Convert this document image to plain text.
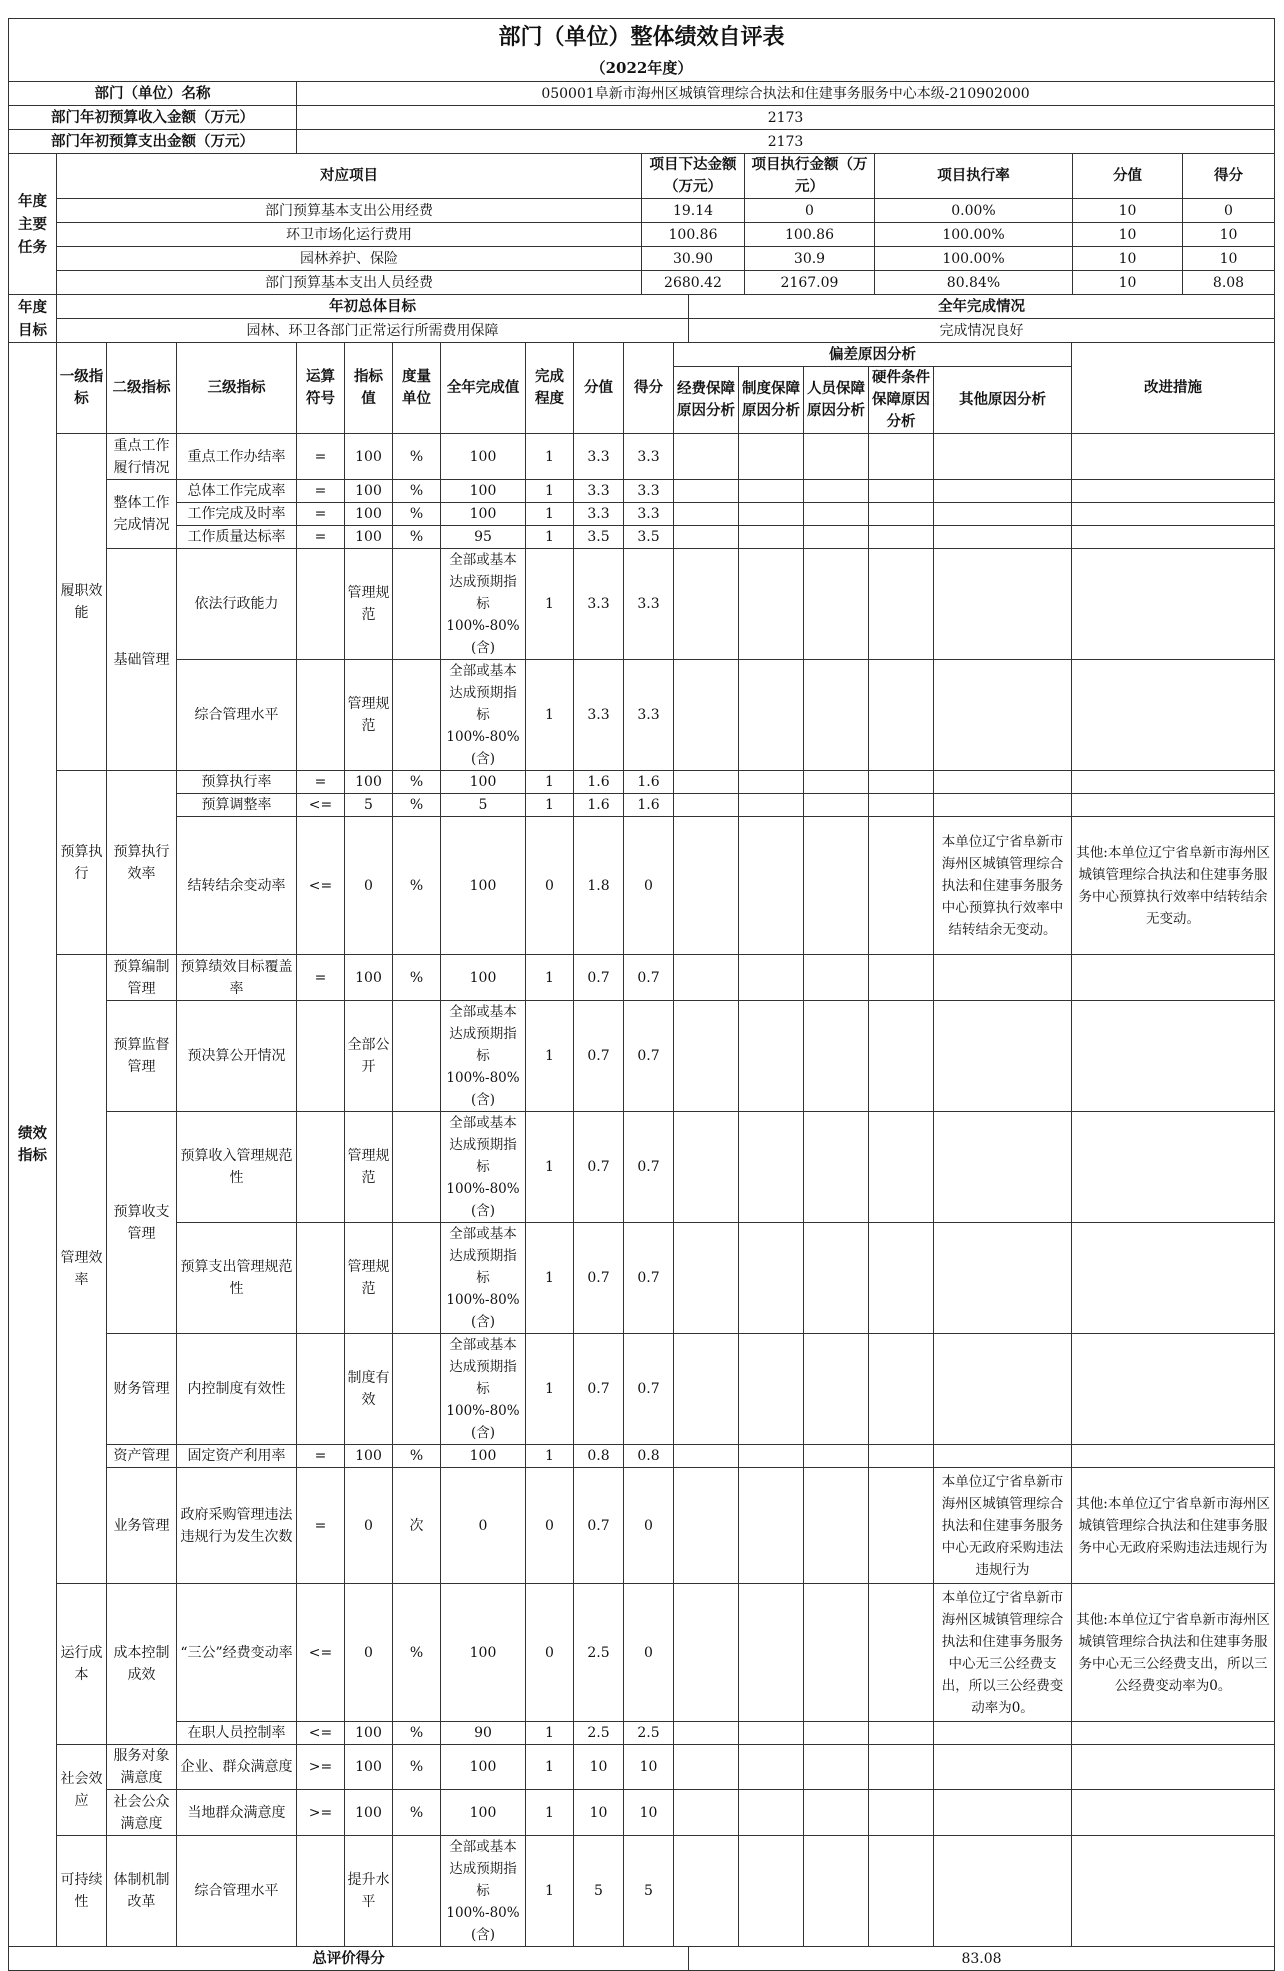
部门（单位）整体绩效自评表	
（2022年度）	
部门（单位）名称	050001阜新市海州区城镇管理综合执法和住建事务服务中心本级-210902000
部门年初预算收入金额（万元）	2173
部门年初预算支出金额（万元）	2173
年度主要任务	对应项目	项目下达金额（万元）	项目执行金额（万元）	项目执行率	分值	得分
	部门预算基本支出公用经费	19.14	0	0.00%	10	0
	环卫市场化运行费用	100.86	100.86	100.00%	10	10
	园林养护、保险	30.90	30.9	100.00%	10	10
	部门预算基本支出人员经费	2680.42	2167.09	80.84%	10	8.08
年度目标	年初总体目标	全年完成情况
	园林、环卫各部门正常运行所需费用保障	完成情况良好
绩效指标	一级指标	二级指标	三级指标	运算符号	指标值	度量单位	全年完成值	完成程度	分值	得分	偏差原因分析					改进措施
											经费保障原因分析	制度保障原因分析	人员保障原因分析	硬件条件保障原因分析	其他原因分析	
	履职效能	重点工作履行情况	重点工作办结率	=	100	%	100	1	3.3	3.3						
		整体工作完成情况	总体工作完成率	=	100	%	100	1	3.3	3.3						
			工作完成及时率	=	100	%	100	1	3.3	3.3						
			工作质量达标率	=	100	%	95	1	3.5	3.5						
		基础管理	依法行政能力		管理规范		全部或基本达成预期指标100%-80%(含)	1	3.3	3.3						
			综合管理水平		管理规范		全部或基本达成预期指标100%-80%(含)	1	3.3	3.3						
	预算执行	预算执行效率	预算执行率	=	100	%	100	1	1.6	1.6						
			预算调整率	<=	5	%	5	1	1.6	1.6						
			结转结余变动率	<=	0	%	100	0	1.8	0					本单位辽宁省阜新市海州区城镇管理综合执法和住建事务服务中心预算执行效率中结转结余无变动。	其他:本单位辽宁省阜新市海州区城镇管理综合执法和住建事务服务中心预算执行效率中结转结余无变动。
	管理效率	预算编制管理	预算绩效目标覆盖率	=	100	%	100	1	0.7	0.7						
		预算监督管理	预决算公开情况		全部公开		全部或基本达成预期指标100%-80%(含)	1	0.7	0.7						
		预算收支管理	预算收入管理规范性		管理规范		全部或基本达成预期指标100%-80%(含)	1	0.7	0.7						
			预算支出管理规范性		管理规范		全部或基本达成预期指标100%-80%(含)	1	0.7	0.7						
		财务管理	内控制度有效性		制度有效		全部或基本达成预期指标100%-80%(含)	1	0.7	0.7						
		资产管理	固定资产利用率	=	100	%	100	1	0.8	0.8						
		业务管理	政府采购管理违法违规行为发生次数	=	0	次	0	0	0.7	0					本单位辽宁省阜新市海州区城镇管理综合执法和住建事务服务中心无政府采购违法违规行为	其他:本单位辽宁省阜新市海州区城镇管理综合执法和住建事务服务中心无政府采购违法违规行为

	运行成本	成本控制成效	“三公”经费变动率	<=	0	%	100	0	2.5	0					本单位辽宁省阜新市海州区城镇管理综合执法和住建事务服务中心无三公经费支出，所以三公经费变动率为0。	其他:本单位辽宁省阜新市海州区城镇管理综合执法和住建事务服务中心无三公经费支出，所以三公经费变动率为0。
			在职人员控制率	<=	100	%	90	1	2.5	2.5						
	社会效应	服务对象满意度	企业、群众满意度	>=	100	%	100	1	10	10						
		社会公众满意度	当地群众满意度	>=	100	%	100	1	10	10						
	可持续性	体制机制改革	综合管理水平		提升水平		全部或基本达成预期指标100%-80%(含)	1	5	5						
总评价得分	83.08
